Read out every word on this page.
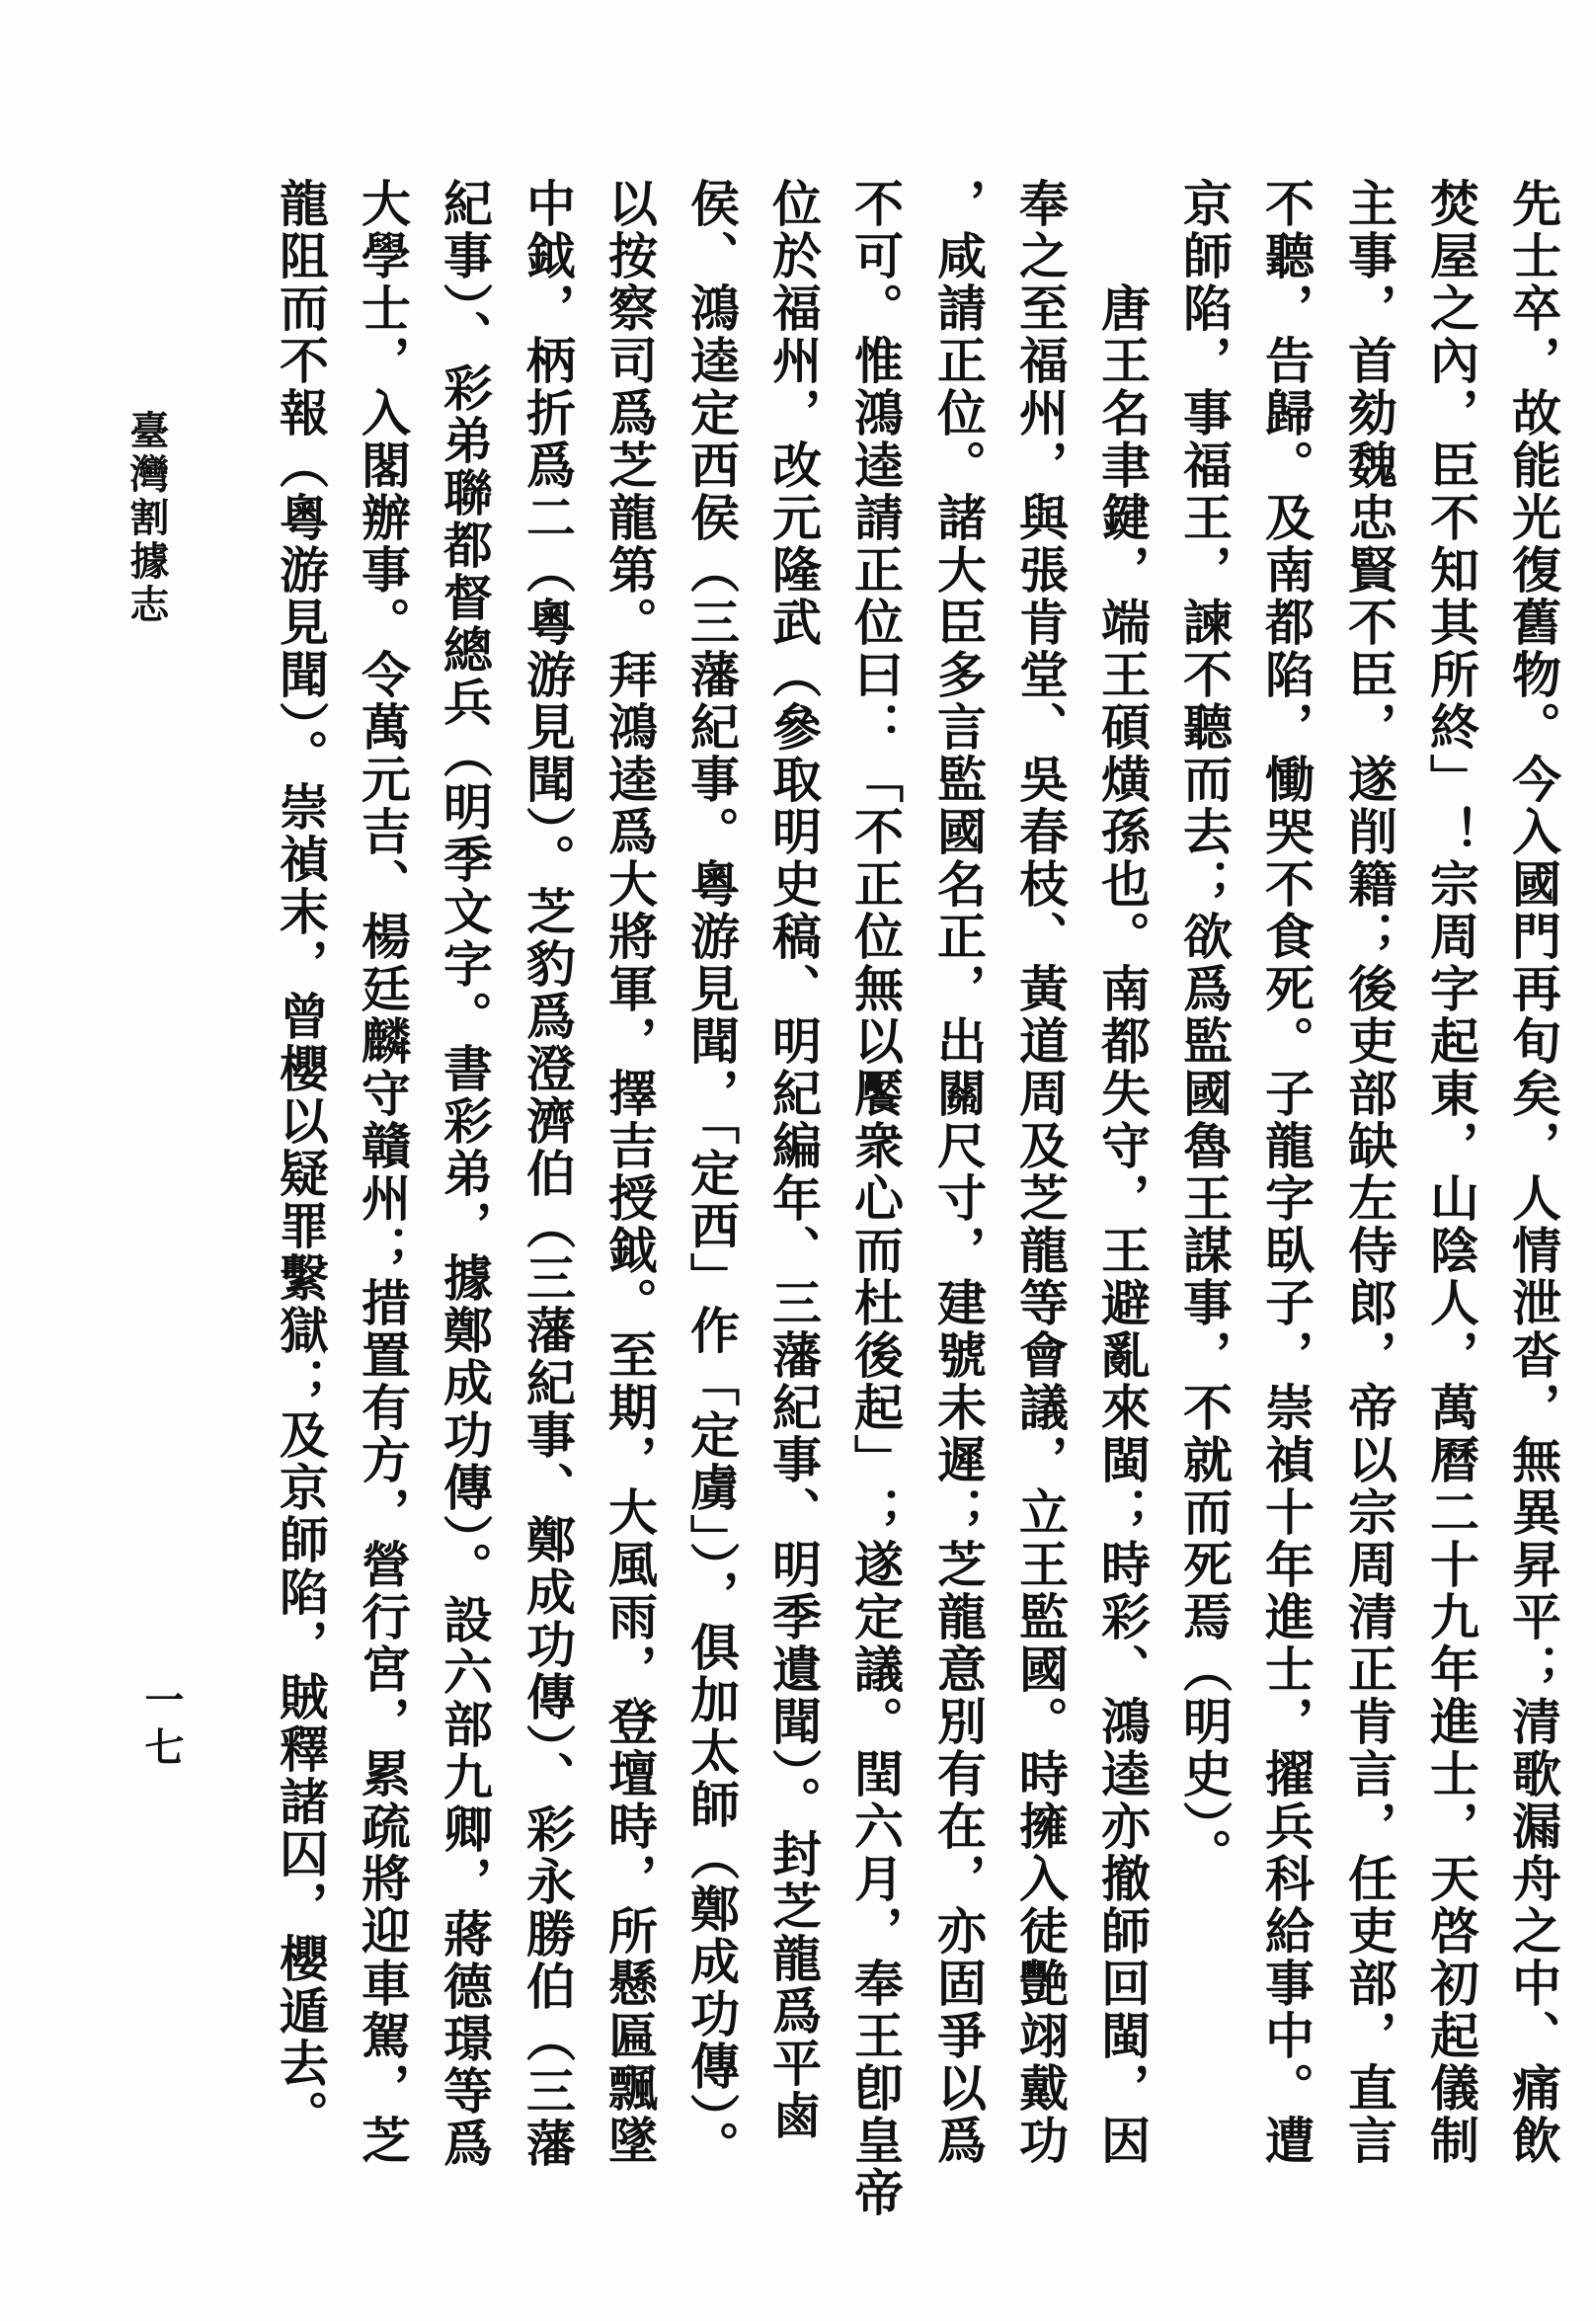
先士卒，故能光復舊物。今入國門再旬矣，人情泄沓，無異昇平；清歌漏舟之中、痛飲
焚屋之內，臣不知其所終」！宗周字起東，山陰人，萬曆二十九年進士，天啓初起儀制
主事，首劾魏忠賢不臣，遂削籍；後吏部缺左侍郎，帝以宗周清正肯言，任吏部，直言
不聽，告歸。及南都陷，慟哭不食死。子龍字臥子，崇禎十年進士，擢兵科給事中。遭
京師陷，事福王，諫不聽而去；欲爲監國魯王謀事，不就而死焉（明史）。
唐王名聿鍵，端王碩熿孫也。南都失守，王避亂來閩；時彩、鴻逵亦撤師回閩，因
奉之至福州，與張肯堂、吳春枝、黃道周及芝龍等會議，立王監國。時擁入徒艷翊戴功
，咸請正位。諸大臣多言監國名正，出關尺寸，建號未遲；芝龍意別有在，亦固爭以爲
不可。惟鴻逵請正位曰：「不正位無以饜衆心而杜後起」；遂定議。閏六月，奉王卽皇帝
位於福州，改元隆武（參取明史稿、明紀編年、三藩紀事、明季遺聞）。封芝龍爲平鹵
侯、鴻逵定西侯（三藩紀事。粵游見聞，「定西」作「定虜」），俱加太師（鄭成功傳）。
以按察司爲芝龍第。拜鴻逵爲大將軍，擇吉授鉞。至期，大風雨，登壇時，所懸匾飄墜
中鉞，柄折爲二（粵游見聞）。芝豹爲澄濟伯（三藩紀事、鄭成功傳）、彩永勝伯（三藩
紀事）、彩弟聯都督總兵（明季文字。書彩弟，據鄭成功傳）。設六部九卿，蔣德璟等爲
大學士，入閣辦事。令萬元吉、楊廷麟守贛州；措置有方，營行宮，累疏將迎車駕，芝
龍阻而不報（粵游見聞）。崇禎末，曾櫻以疑罪繫獄；及京師陷，賊釋諸囚，櫻遁去。
臺灣割據志
一七
